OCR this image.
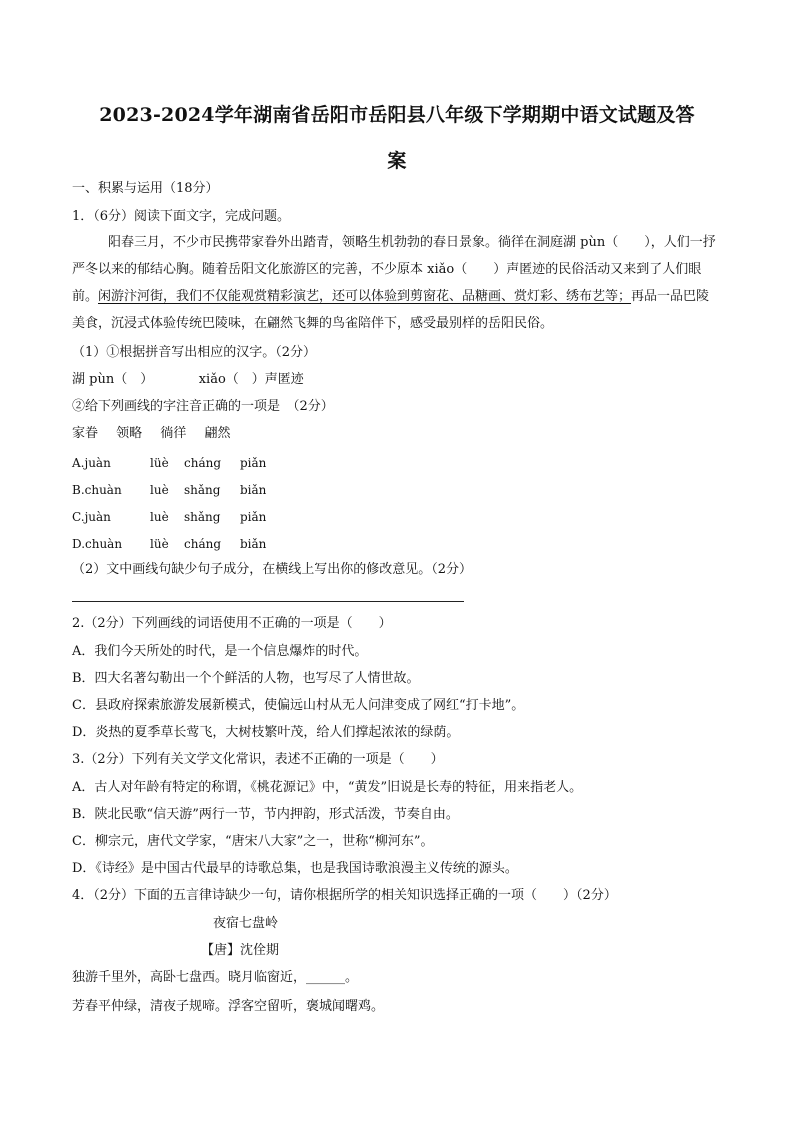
2023-2024学年湖南省岳阳市岳阳县八年级下学期期中语文试题及答
案
一、积累与运用（18分）
1．（6分）阅读下面文字，完成问题。
阳春三月，不少市民携带家眷外出踏青，领略生机勃勃的春日景象。徜徉在洞庭湖 pùn（　　），人们一抒严冬以来的郁结心胸。随着岳阳文化旅游区的完善，不少原本 xiǎo（　　）声匿迹的民俗活动又来到了人们眼前。闲游汴河街，我们不仅能观赏精彩演艺，还可以体验到剪窗花、品糖画、赏灯彩、绣布艺等；再品一品巴陵美食，沉浸式体验传统巴陵味，在翩然飞舞的鸟雀陪伴下，感受最别样的岳阳民俗。
（1）①根据拼音写出相应的汉字。（2分）
湖 pùn（　）　　　　xiǎo（　）声匿迹
②给下列画线的字注音正确的一项是　（2分）
家眷 领略 徜徉 翩然
A.juàn	lüè cháng piǎn
B.chuàn luè shǎng biǎn
C.juàn	luè shǎng piǎn
D.chuàn lüè cháng biǎn
（2）文中画线句缺少句子成分，在横线上写出你的修改意见。（2分）
2.（2分）下列画线的词语使用不正确的一项是（　　）
A．我们今天所处的时代，是一个信息爆炸的时代。
B．四大名著勾勒出一个个鲜活的人物，也写尽了人情世故。
C．县政府探索旅游发展新模式，使偏远山村从无人问津变成了网红“打卡地”。
D．炎热的夏季草长莺飞，大树枝繁叶茂，给人们撑起浓浓的绿荫。
3.（2分）下列有关文学文化常识，表述不正确的一项是（　　）
A．古人对年龄有特定的称谓，《桃花源记》中，“黄发”旧说是长寿的特征，用来指老人。
B．陕北民歌“信天游”两行一节，节内押韵，形式活泼，节奏自由。
C．柳宗元，唐代文学家，“唐宋八大家”之一，世称“柳河东”。
D．《诗经》是中国古代最早的诗歌总集，也是我国诗歌浪漫主义传统的源头。
4．（2分）下面的五言律诗缺少一句，请你根据所学的相关知识选择正确的一项（　　）（2分）
夜宿七盘岭
【唐】沈佺期
独游千里外，高卧七盘西。晓月临窗近，______。
芳春平仲绿，清夜子规啼。浮客空留听，褒城闻曙鸡。
